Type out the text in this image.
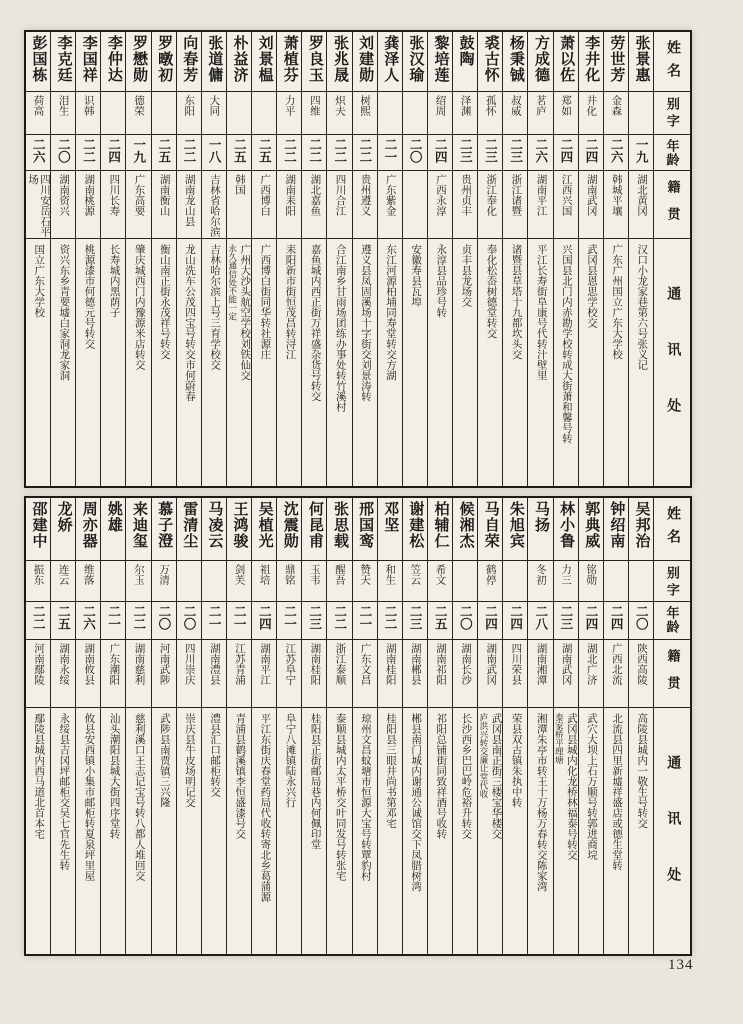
姓名
别字
年龄
籍贯
通讯处
张景惠
一九
湖北黄冈
汉口小龙家巷第六号张义记
劳世芳
金森
二六
韩城平壤
广东广州国立广东大学校
李井化
井化
二四
湖南武冈
武冈县恩思学校交
萧以佐
郑如
二四
江西兴国
兴国县北门内赤勘学校转成大街萧和馨号转
方成德
茗庐
二六
湖南平江
平江长寿街阜康号代转汁壁里
杨秉铖
叔威
二三
浙江诸暨
诸暨县草塔十九都坎头交
裘古怀
孤怀
二三
浙江奉化
奉化松岙树德堂转交
鼓陶
泽渊
二三
贵州贞丰
贞丰县龙场交
黎培莲
绍周
二四
广西永淳
永淳县品珍号转
张汉瑜
二〇
安徽寿县瓦埠
龚泽人
二一
广东紫金
东江河源柏埔同寿堂转交方湖
刘建勋
树熙
二二
贵州遵义
遵义县凤固溪场十字街交刘景涛转
张兆晟
炽夫
二二
四川合江
合江南乡甘雨场团练办事处转竹溪村
罗良玉
四维
二二
湖北嘉鱼
嘉鱼城内西正街万祥盛杂货号转交
萧植芬
力平
二二
湖南耒阳
耒阳新市街恒茂昌转浔江
刘景榅
二五
广西博白
广西博白街同华转社源庄
朴益济
二五
韩国
广州大沙头航空学校刘铁仙交
永久通信处不能一定
张道傭
大同
一八
吉林省哈尔滨
吉林哈尔滨上号三育学校交
向春芳
东阳
二二
湖南龙山县
龙山洗车公茂四宝号转交市何蔚春
罗暾初
二五
湖南衡山
衡山南正街永茂祥号转交
罗懋勋
德荣
一九
广东高要
肇庆城西门内豫源米店转交
李仲达
二四
四川长寿
长寿城内黑荫子
李国祥
识韩
二二
湖南桃源
桃源漆市何德元号转交
李克廷
泪生
二〇
湖南资兴
资兴东乡青要墟白家洞龙家洞
彭国栋
荷高
二六
四川安岳石平场
国立广东大学校
姓名
别字
年龄
籍贯
通讯处
吴邦治
二〇
陕西高陵
高陵县城内一敬生号转交
钟绍南
二四
广西北流
北流县四里新墟祥盛店或德生堂转
郭典威
铭勋
二四
湖北广济
武穴大坝上石万顺号转郭进商垸
林小鲁
力三
二三
湖南武冈
武冈县城内化龙桥林福泰号转交
泰家桥平理塘
马扬
冬初
二八
湖南湘潭
湘潭朱亭市转王十万杨万春转交陈家湾
朱旭宾
二四
四川荣县
荣县双古镇朱执中转
马自荣
鹤停
二四
湖南武冈
武冈县南正街三楼宝华楼交
庐洪兴转交廉让堂代收
候湘杰
二〇
湖南长沙
长沙西乡巴巴岭危裕升转交
柏辅仁
希文
二五
湖南祁阳
祁阳总铺街同致祥酒号收转
谢建松
笠云
二三
湖南郴县
郴县南门城内谢通公诚馆交下凤腊树湾
邓坚
和生
二二
湖南桂阳
桂阳县三眼井尚书第邓宅
邢国鸾
赞天
二一
广东文昌
琼州文昌蚊塘市恒源大宝号转覃豹村
张思载
醒吾
二二
浙江泰顺
泰顺县城内太平桥交叶同发号转张宅
何昆甫
玉韦
二三
湖南桂阳
桂阳县正街邮局巷内何佩印堂
沈震勋
鼎铭
二一
江苏阜宁
阜宁八滩镇陆永兴行
吴植光
祖培
二四
湖南平江
平江东街庆春堂药局代收转寄北乡葛蒲源
王鸿骏
剑芙
二一
江苏青浦
青浦县鹤溪镇李恒盛漆号交
马凌云
二一
湖南澧县
澧县汇口邮柜转交
雷清尘
二〇
四川崇庆
崇庆县牛皮场明记交
慕子澄
万清
二〇
河南武陟
武陟县南贾镇三兴隆
来迪玺
尔玉
二二
湖南慈利
慈利溪口王志记宝号转八都人堆回交
姚雄
二一
广东潮阳
汕头潮阳县城大街四序堂转
周亦器
维落
二六
湖南攸县
攸县安西镇小集市邮柜转夏泉坪里屋
龙娇
连云
二五
湖南永绥
永绥县吉冈坪邮柜交吴七官先生转
邵建中
振东
二二
河南鄢陵
鄢陵县城内西马道北首本宅
134
